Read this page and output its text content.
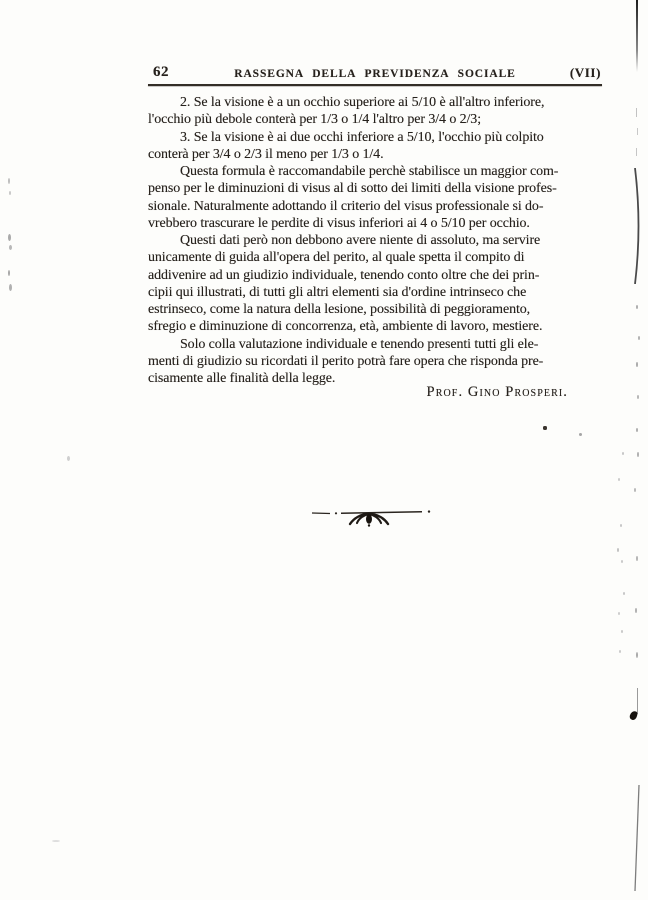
62	RASSEGNA DELLA PREVIDENZA SOCIALE	(VII)
2. Se la visione è a un occhio superiore ai 5/10 è all'altro inferiore,
l'occhio più debole conterà per 1/3 o 1/4 l'altro per 3/4 o 2/3;
3. Se la visione è ai due occhi inferiore a 5/10, l'occhio più colpito
conterà per 3/4 o 2/3 il meno per 1/3 o 1/4.
Questa formula è raccomandabile perchè stabilisce un maggior com-
penso per le diminuzioni di visus al di sotto dei limiti della visione profes-
sionale. Naturalmente adottando il criterio del visus professionale si do-
vrebbero trascurare le perdite di visus inferiori ai 4 o 5/10 per occhio.
Questi dati però non debbono avere niente di assoluto, ma servire
unicamente di guida all'opera del perito, al quale spetta il compito di
addivenire ad un giudizio individuale, tenendo conto oltre che dei prin-
cipii qui illustrati, di tutti gli altri elementi sia d'ordine intrinseco che
estrinseco, come la natura della lesione, possibilità di peggioramento,
sfregio e diminuzione di concorrenza, età, ambiente di lavoro, mestiere.
Solo colla valutazione individuale e tenendo presenti tutti gli ele-
menti di giudizio su ricordati il perito potrà fare opera che risponda pre-
cisamente alle finalità della legge.
Prof. Gino Prosperi.
